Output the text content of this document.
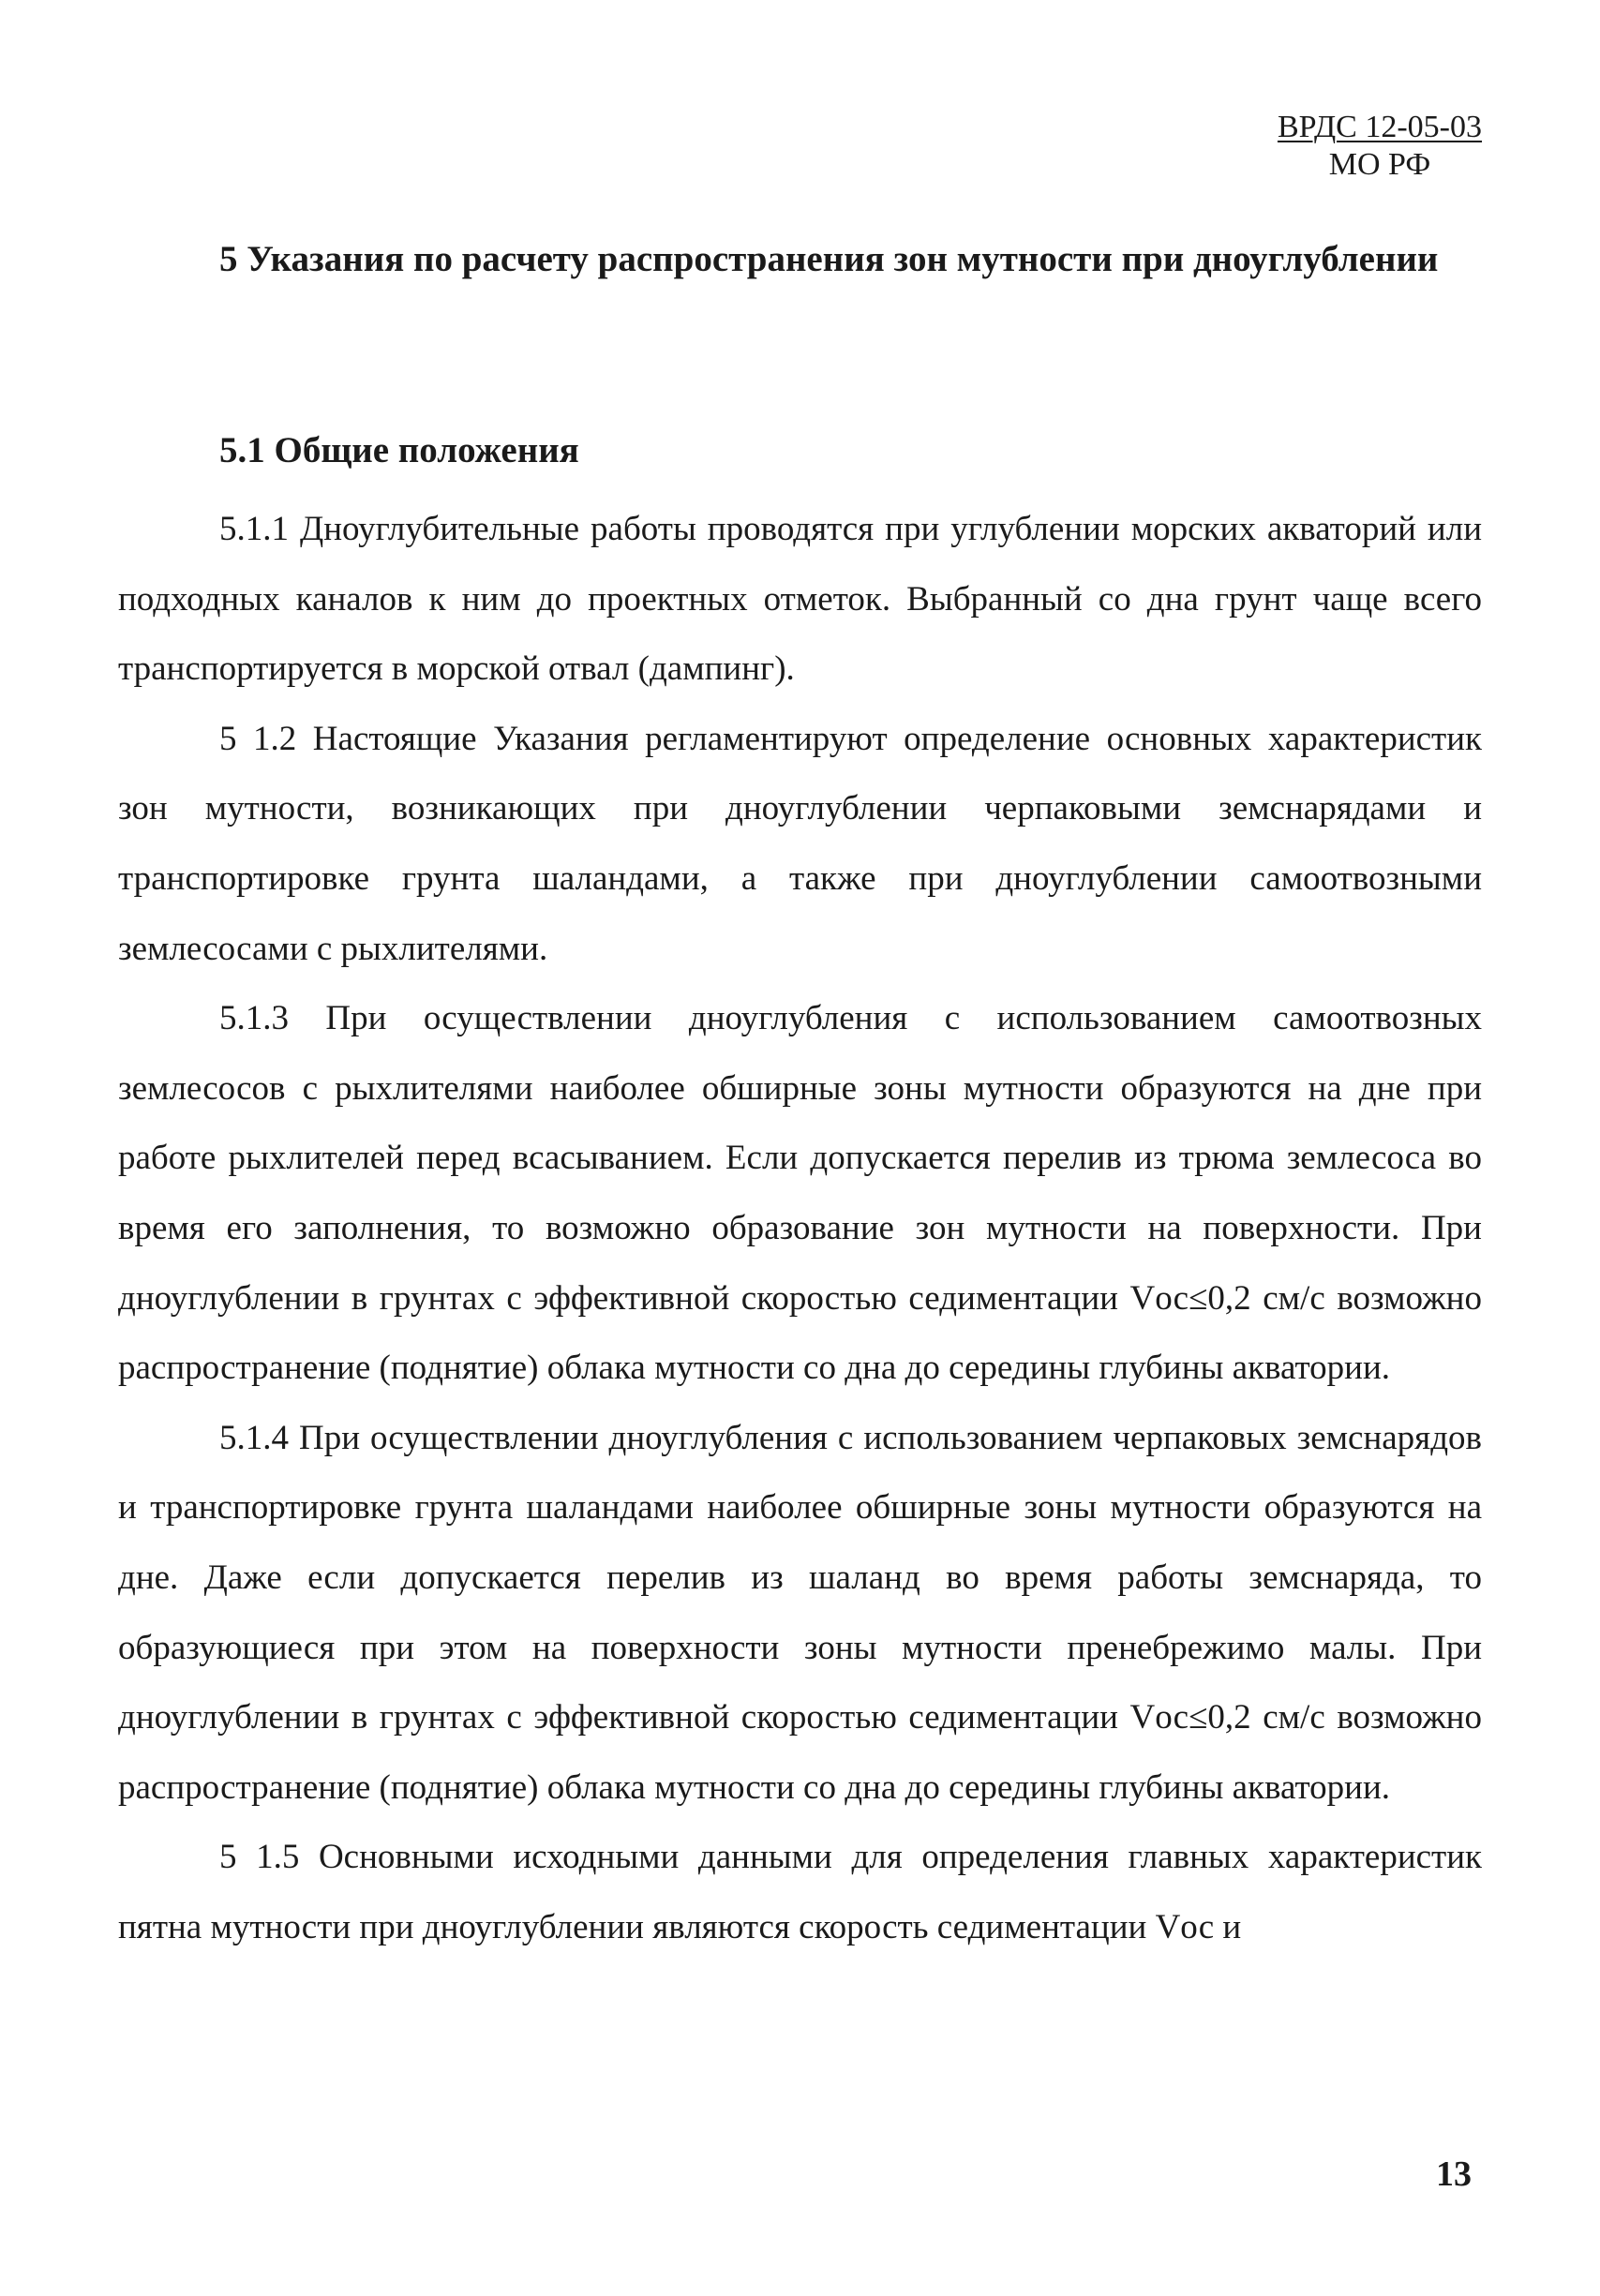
ВРДС 12-05-03
МО РФ
5 Указания по расчету распространения зон мутности при дноуглублении
5.1 Общие положения

5.1.1 Дноуглубительные работы проводятся при углублении морских акваторий или подходных каналов к ним до проектных отметок. Выбранный со дна грунт чаще всего транспортируется в морской отвал (дампинг).

5 1.2 Настоящие Указания регламентируют определение основных характеристик зон мутности, возникающих при дноуглублении черпаковыми земснарядами и транспортировке грунта шаландами, а также при дноуглублении самоотвозными землесосами с рыхлителями.

5.1.3 При осуществлении дноуглубления с использованием самоотвозных землесосов с рыхлителями наиболее обширные зоны мутности образуются на дне при работе рыхлителей перед всасыванием. Если допускается перелив из трюма землесоса во время его заполнения, то возможно образование зон мутности на поверхности. При дноуглублении в грунтах с эффективной скоростью седиментации Vос≤0,2 см/с возможно распространение (поднятие) облака мутности со дна до середины глубины акватории.

5.1.4 При осуществлении дноуглубления с использованием черпаковых земснарядов и транспортировке грунта шаландами наиболее обширные зоны мутности образуются на дне. Даже если допускается перелив из шаланд во время работы земснаряда, то образующиеся при этом на поверхности зоны мутности пренебрежимо малы. При дноуглублении в грунтах с эффективной скоростью седиментации Vос≤0,2 см/с возможно распространение (поднятие) облака мутности со дна до середины глубины акватории.

5 1.5 Основными исходными данными для определения главных характеристик пятна мутности при дноуглублении являются скорость седиментации Vос и

13
